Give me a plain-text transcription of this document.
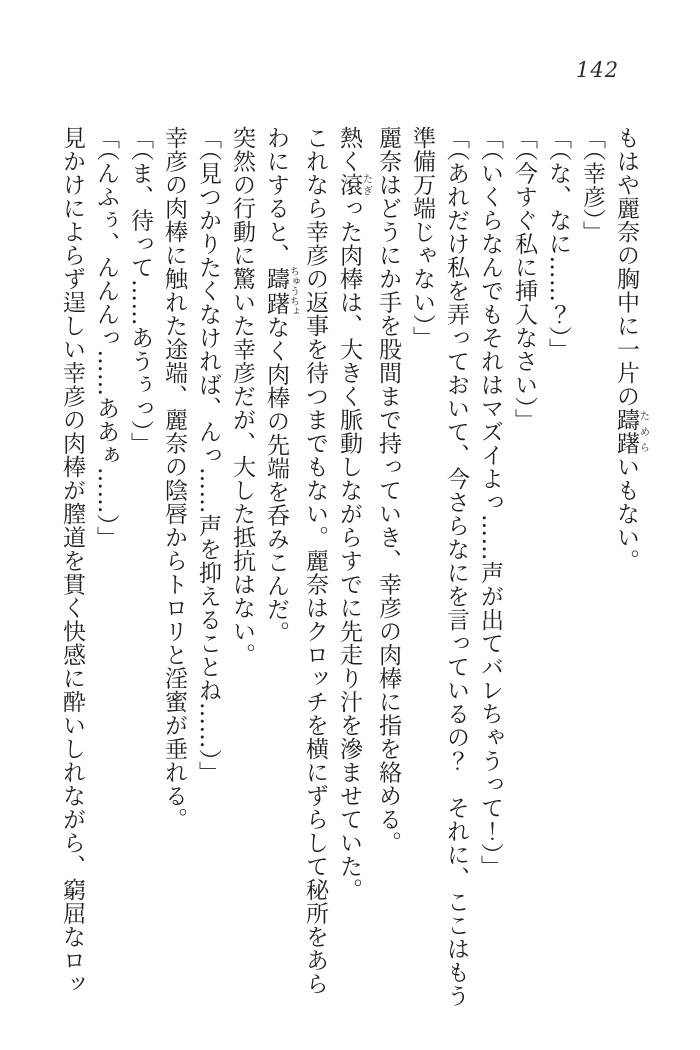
142

もはや麗奈の胸中に一片の躊躇ためらいもない。

「（幸彦）」

「（な、なに……？）」

「（今すぐ私に挿入なさい）」

「（いくらなんでもそれはマズイよっ……声が出てバレちゃうって！）」

「（あれだけ私を弄っておいて、今さらなにを言っているの？　それに、ここはもう

準備万端じゃない）」

麗奈はどうにか手を股間まで持っていき、幸彦の肉棒に指を絡める。

熱く滾たぎった肉棒は、大きく脈動しながらすでに先走り汁を滲ませていた。

これなら幸彦の返事を待つまでもない。麗奈はクロッチを横にずらして秘所をあら

わにすると、躊躇ちゅうちょなく肉棒の先端を呑みこんだ。

突然の行動に驚いた幸彦だが、大した抵抗はない。

「（見つかりたくなければ、んっ……声を抑えることね……）」

幸彦の肉棒に触れた途端、麗奈の陰唇からトロリと淫蜜が垂れる。

「（ま、待って……あうぅっ）」

「（んふぅ、んんんっ……ああぁ……）」

見かけによらず逞しい幸彦の肉棒が膣道を貫く快感に酔いしれながら、窮屈なロッ
